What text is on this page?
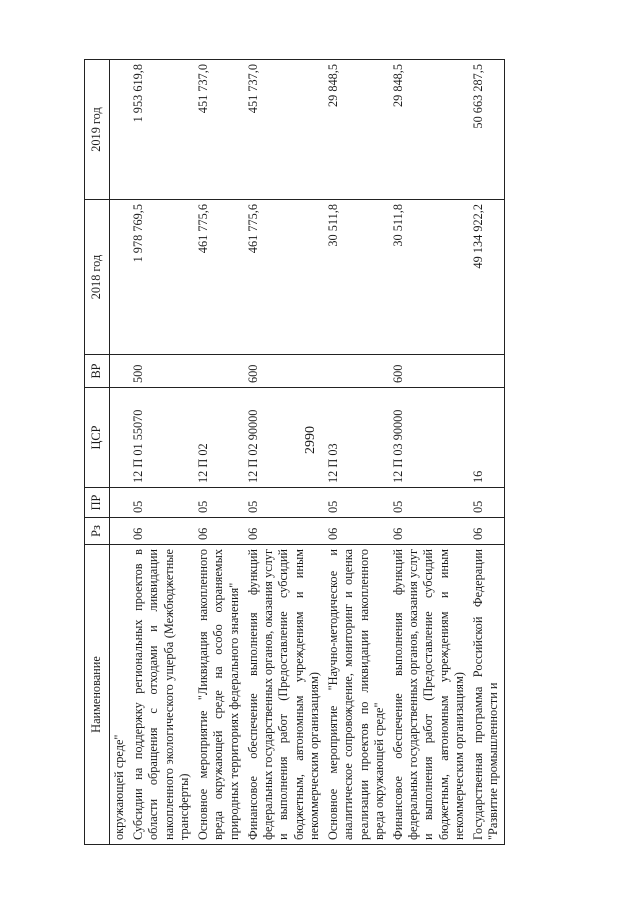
2990
Наименование	Рз	ПР	ЦСР	ВР	2018 год	2019 год
окружающей среде"						
Субсидии на поддержку региональных проектов в области обращения с отходами и ликвидации накопленного экологического ущерба (Межбюджетные трансферты)	06	05	12 П 01 55070	500	1 978 769,5	1 953 619,8
Основное мероприятие "Ликвидация накопленного вреда окружающей среде на особо охраняемых природных территориях федерального значения"	06	05	12 П 02		461 775,6	451 737,0
Финансовое обеспечение выполнения функций федеральных государственных органов, оказания услуг и выполнения работ (Предоставление субсидий бюджетным, автономным учреждениям и иным некоммерческим организациям)	06	05	12 П 02 90000	600	461 775,6	451 737,0
Основное мероприятие "Научно-методическое и аналитическое сопровождение, мониторинг и оценка реализации проектов по ликвидации накопленного вреда окружающей среде"	06	05	12 П 03		30 511,8	29 848,5
Финансовое обеспечение выполнения функций федеральных государственных органов, оказания услуг и выполнения работ (Предоставление субсидий бюджетным, автономным учреждениям и иным некоммерческим организациям)	06	05	12 П 03 90000	600	30 511,8	29 848,5
Государственная программа Российской Федерации "Развитие промышленности и	06	05	16		49 134 922,2	50 663 287,5
